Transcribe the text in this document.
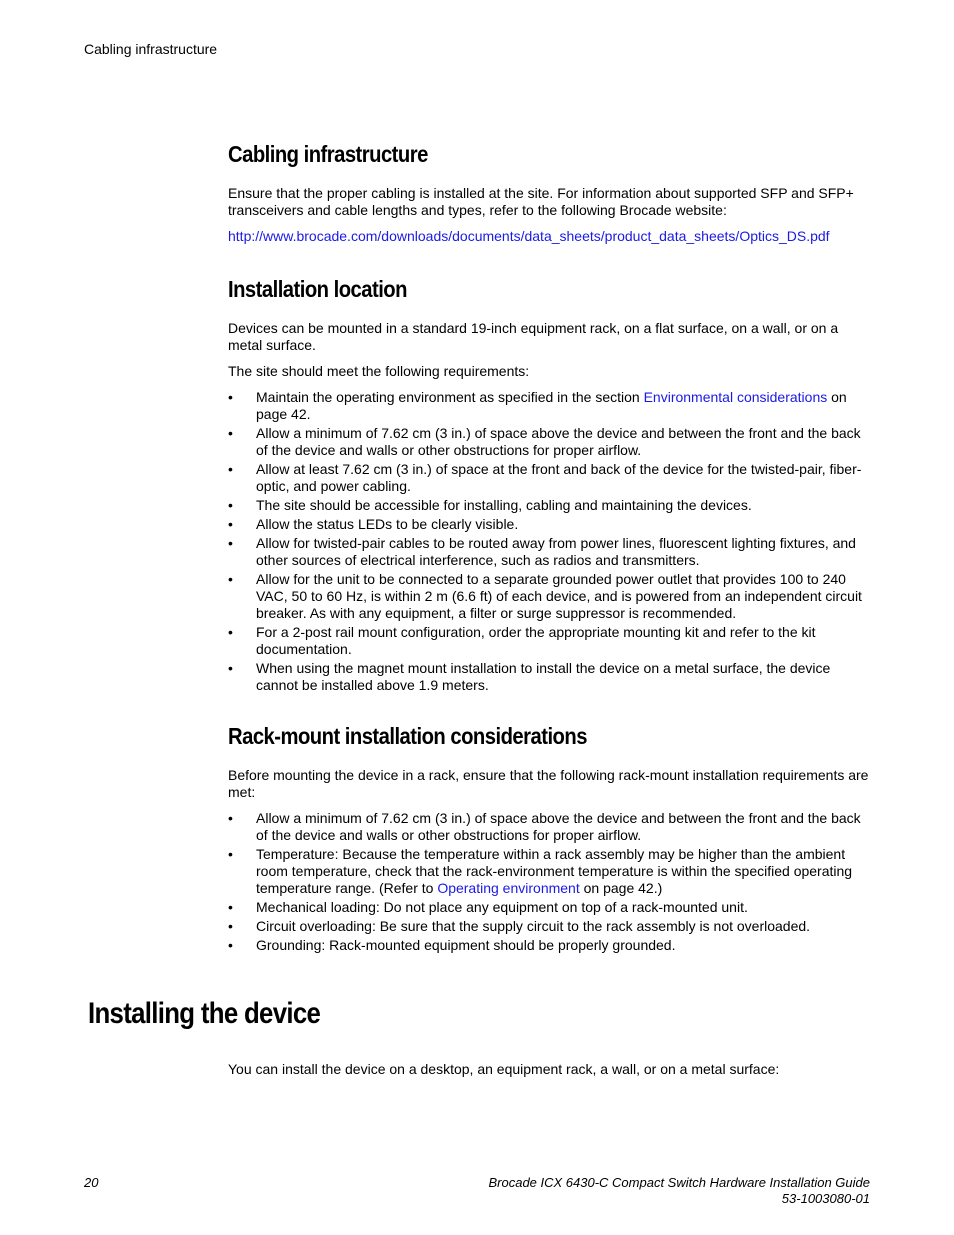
Cabling infrastructure
Cabling infrastructure

Ensure that the proper cabling is installed at the site. For information about supported SFP and SFP+ transceivers and cable lengths and types, refer to the following Brocade website:

http://www.brocade.com/downloads/documents/data_sheets/product_data_sheets/Optics_DS.pdf

Installation location

Devices can be mounted in a standard 19-inch equipment rack, on a flat surface, on a wall, or on a metal surface.

The site should meet the following requirements:

• Maintain the operating environment as specified in the section Environmental considerations on page 42.
• Allow a minimum of 7.62 cm (3 in.) of space above the device and between the front and the back of the device and walls or other obstructions for proper airflow.
• Allow at least 7.62 cm (3 in.) of space at the front and back of the device for the twisted-pair, fiber-optic, and power cabling.
• The site should be accessible for installing, cabling and maintaining the devices.
• Allow the status LEDs to be clearly visible.
• Allow for twisted-pair cables to be routed away from power lines, fluorescent lighting fixtures, and other sources of electrical interference, such as radios and transmitters.
• Allow for the unit to be connected to a separate grounded power outlet that provides 100 to 240 VAC, 50 to 60 Hz, is within 2 m (6.6 ft) of each device, and is powered from an independent circuit breaker. As with any equipment, a filter or surge suppressor is recommended.
• For a 2-post rail mount configuration, order the appropriate mounting kit and refer to the kit documentation.
• When using the magnet mount installation to install the device on a metal surface, the device cannot be installed above 1.9 meters.
Rack-mount installation considerations

Before mounting the device in a rack, ensure that the following rack-mount installation requirements are met:

• Allow a minimum of 7.62 cm (3 in.) of space above the device and between the front and the back of the device and walls or other obstructions for proper airflow.
• Temperature: Because the temperature within a rack assembly may be higher than the ambient room temperature, check that the rack-environment temperature is within the specified operating temperature range. (Refer to Operating environment on page 42.)
• Mechanical loading: Do not place any equipment on top of a rack-mounted unit.
• Circuit overloading: Be sure that the supply circuit to the rack assembly is not overloaded.
• Grounding: Rack-mounted equipment should be properly grounded.
Installing the device

You can install the device on a desktop, an equipment rack, a wall, or on a metal surface:

20	Brocade ICX 6430-C Compact Switch Hardware Installation Guide
53-1003080-01
